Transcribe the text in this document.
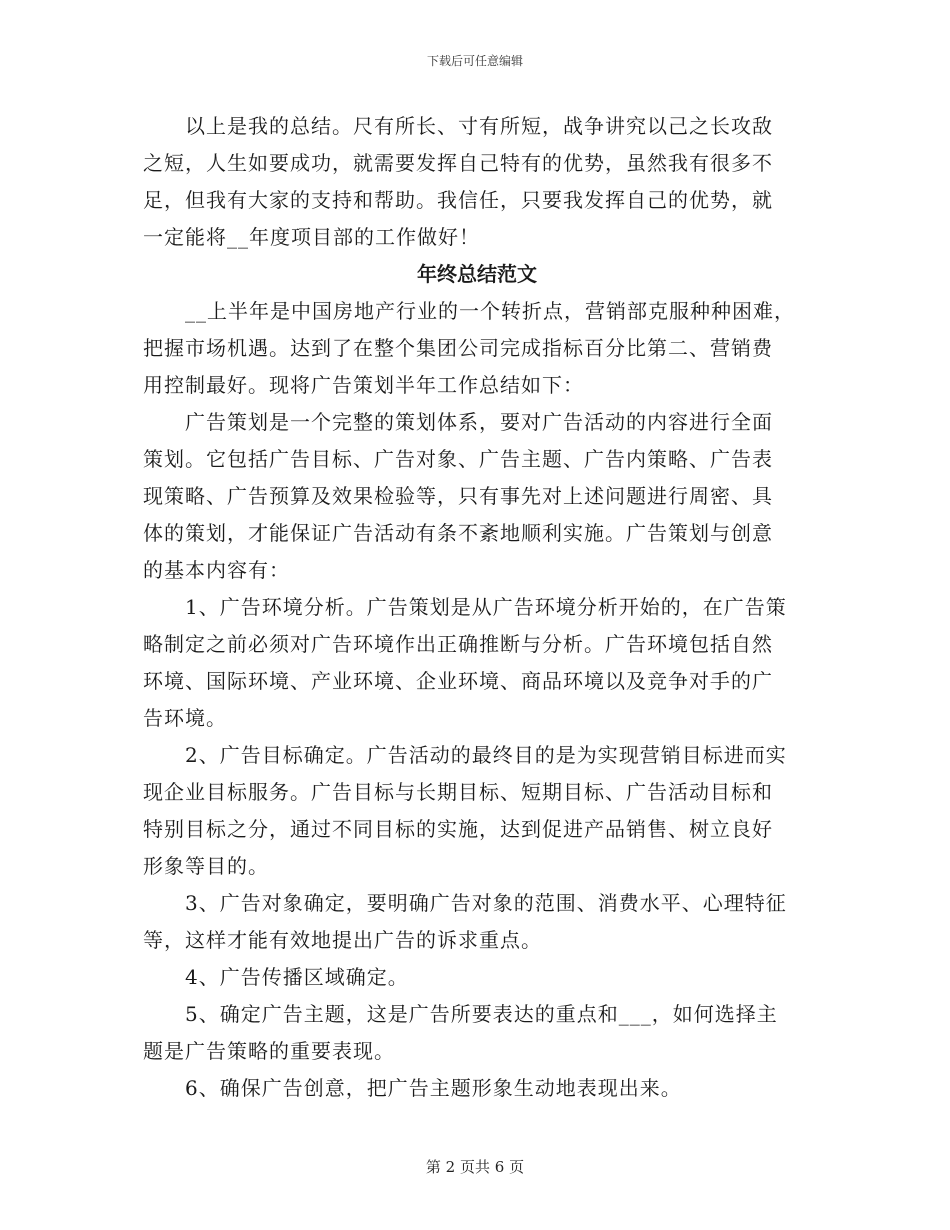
下载后可任意编辑
　　以上是我的总结。尺有所长、寸有所短，战争讲究以己之长攻敌
之短，人生如要成功，就需要发挥自己特有的优势，虽然我有很多不
足，但我有大家的支持和帮助。我信任，只要我发挥自己的优势，就
一定能将__年度项目部的工作做好！
年终总结范文
　　__上半年是中国房地产行业的一个转折点，营销部克服种种困难，
把握市场机遇。达到了在整个集团公司完成指标百分比第二、营销费
用控制最好。现将广告策划半年工作总结如下：
　　广告策划是一个完整的策划体系，要对广告活动的内容进行全面
策划。它包括广告目标、广告对象、广告主题、广告内策略、广告表
现策略、广告预算及效果检验等，只有事先对上述问题进行周密、具
体的策划，才能保证广告活动有条不紊地顺利实施。广告策划与创意
的基本内容有：
　　1、广告环境分析。广告策划是从广告环境分析开始的，在广告策
略制定之前必须对广告环境作出正确推断与分析。广告环境包括自然
环境、国际环境、产业环境、企业环境、商品环境以及竞争对手的广
告环境。
　　2、广告目标确定。广告活动的最终目的是为实现营销目标进而实
现企业目标服务。广告目标与长期目标、短期目标、广告活动目标和
特别目标之分，通过不同目标的实施，达到促进产品销售、树立良好
形象等目的。
　　3、广告对象确定，要明确广告对象的范围、消费水平、心理特征
等，这样才能有效地提出广告的诉求重点。
　　4、广告传播区域确定。
　　5、确定广告主题，这是广告所要表达的重点和___，如何选择主
题是广告策略的重要表现。
　　6、确保广告创意，把广告主题形象生动地表现出来。
第 2 页共 6 页
